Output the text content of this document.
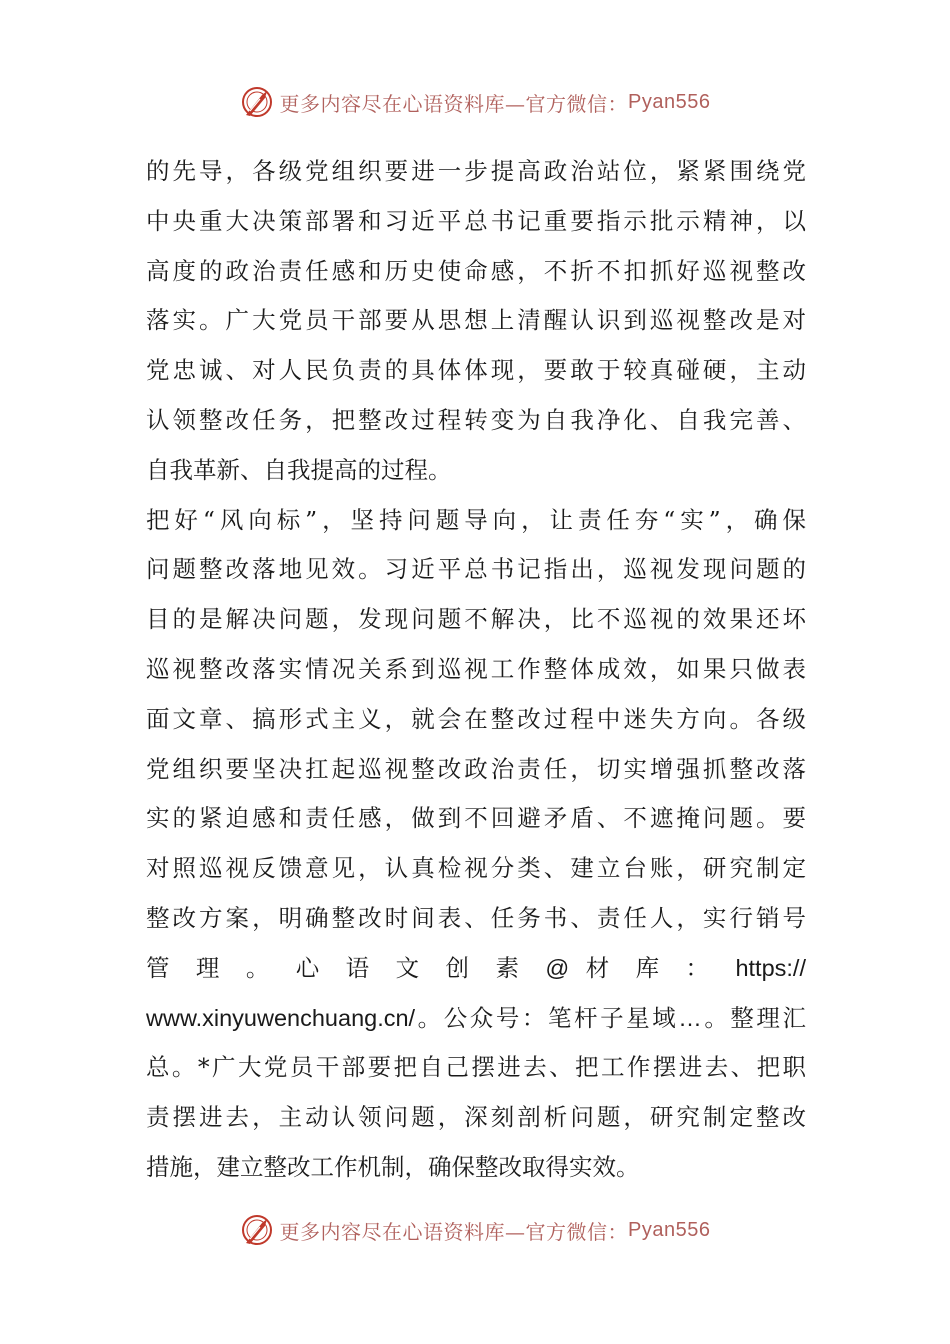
更多内容尽在心语资料库—官方微信： Pyan556
的先导，各级党组织要进一步提高政治站位，紧紧围绕党
中央重大决策部署和习近平总书记重要指示批示精神，以
高度的政治责任感和历史使命感，不折不扣抓好巡视整改
落实。广大党员干部要从思想上清醒认识到巡视整改是对
党忠诚、对人民负责的具体体现，要敢于较真碰硬，主动
认领整改任务，把整改过程转变为自我净化、自我完善、
自我革新、自我提高的过程。
把好“风向标”，坚持问题导向，让责任夯“实”，确保
问题整改落地见效。习近平总书记指出，巡视发现问题的
目的是解决问题，发现问题不解决，比不巡视的效果还坏
巡视整改落实情况关系到巡视工作整体成效，如果只做表
面文章、搞形式主义，就会在整改过程中迷失方向。各级
党组织要坚决扛起巡视整改政治责任，切实增强抓整改落
实的紧迫感和责任感，做到不回避矛盾、不遮掩问题。要
对照巡视反馈意见，认真检视分类、建立台账，研究制定
整改方案，明确整改时间表、任务书、责任人，实行销号
管 理 。 心 语 文 创 素 @ 材 库 ： https://
www.xinyuwenchuang.cn/。公众号：笔杆子星域…。整理汇
总。*广大党员干部要把自己摆进去、把工作摆进去、把职
责摆进去，主动认领问题，深刻剖析问题，研究制定整改
措施，建立整改工作机制，确保整改取得实效。
更多内容尽在心语资料库—官方微信： Pyan556
